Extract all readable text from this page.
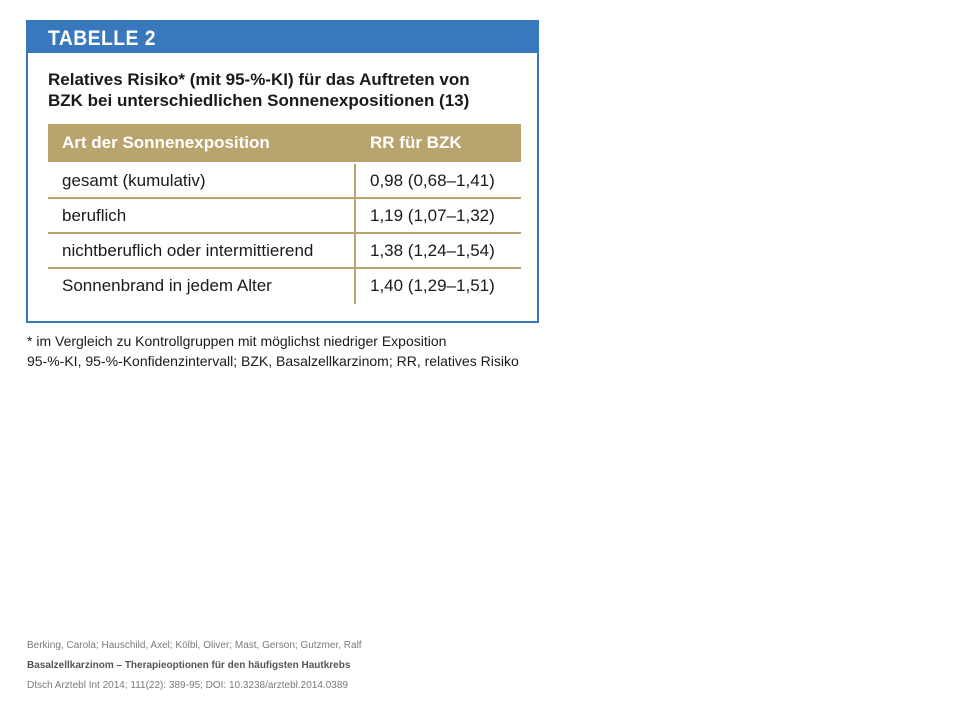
TABELLE 2
Relatives Risiko* (mit 95-%-KI) für das Auftreten von
BZK bei unterschiedlichen Sonnenexpositionen (13)
Art der Sonnenexposition	RR für BZK
gesamt (kumulativ)	0,98 (0,68–1,41)
beruflich	1,19 (1,07–1,32)
nichtberuflich oder intermittierend	1,38 (1,24–1,54)
Sonnenbrand in jedem Alter	1,40 (1,29–1,51)
* im Vergleich zu Kontrollgruppen mit möglichst niedriger Exposition
95-%-KI, 95-%-Konfidenzintervall; BZK, Basalzellkarzinom; RR, relatives Risiko
Berking, Carola; Hauschild, Axel; Kölbl, Oliver; Mast, Gerson; Gutzmer, Ralf
Basalzellkarzinom – Therapieoptionen für den häufigsten Hautkrebs
Dtsch Arztebl Int 2014; 111(22): 389-95; DOI: 10.3238/arztebl.2014.0389
